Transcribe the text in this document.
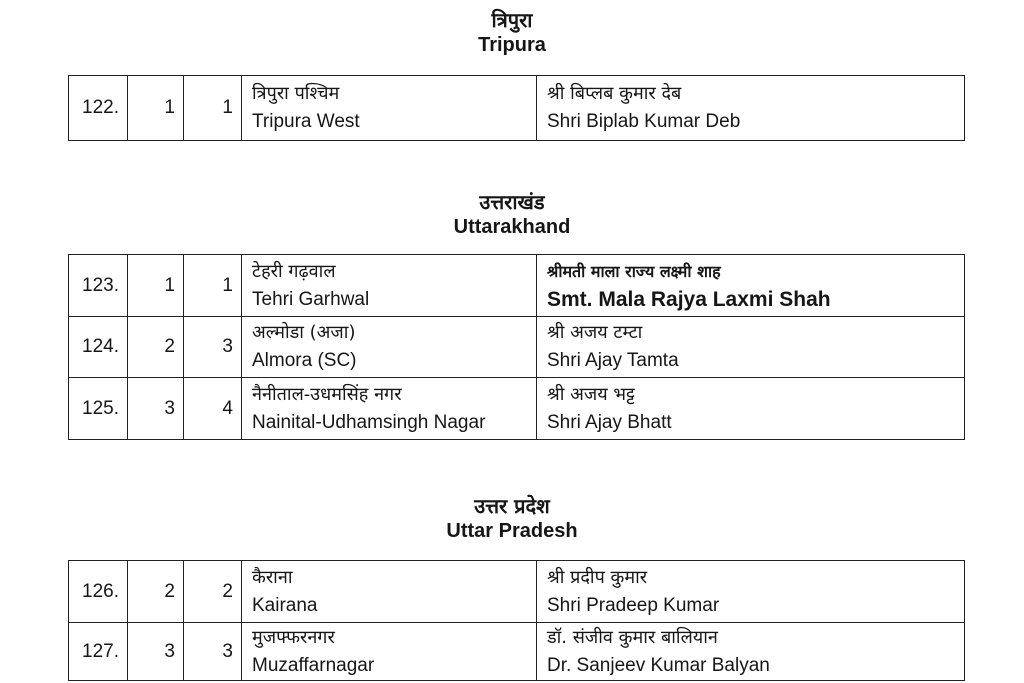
त्रिपुरा
Tripura
122.	1	1	
त्रिपुरा पश्चिम
Tripura West

श्री बिप्लब कुमार देब
Shri Biplab Kumar Deb
उत्तराखंड
Uttarakhand
123.	1	1	टेहरी गढ़वाल
Tehri Garhwal	श्रीमती माला राज्य लक्ष्मी शाह
Smt. Mala Rajya Laxmi Shah

124.	2	3	अल्मोडा (अजा)
Almora (SC)	श्री अजय टम्टा
Shri Ajay Tamta

125.	3	4	नैनीताल-उधमसिंह नगर
Nainital-Udhamsingh Nagar	श्री अजय भट्ट
Shri Ajay Bhatt
उत्तर प्रदेश
Uttar Pradesh
126.	2	2	कैराना
Kairana	श्री प्रदीप कुमार
Shri Pradeep Kumar

127.	3	3	मुजफ्फरनगर
Muzaffarnagar	डॉ. संजीव कुमार बालियान
Dr. Sanjeev Kumar Balyan
